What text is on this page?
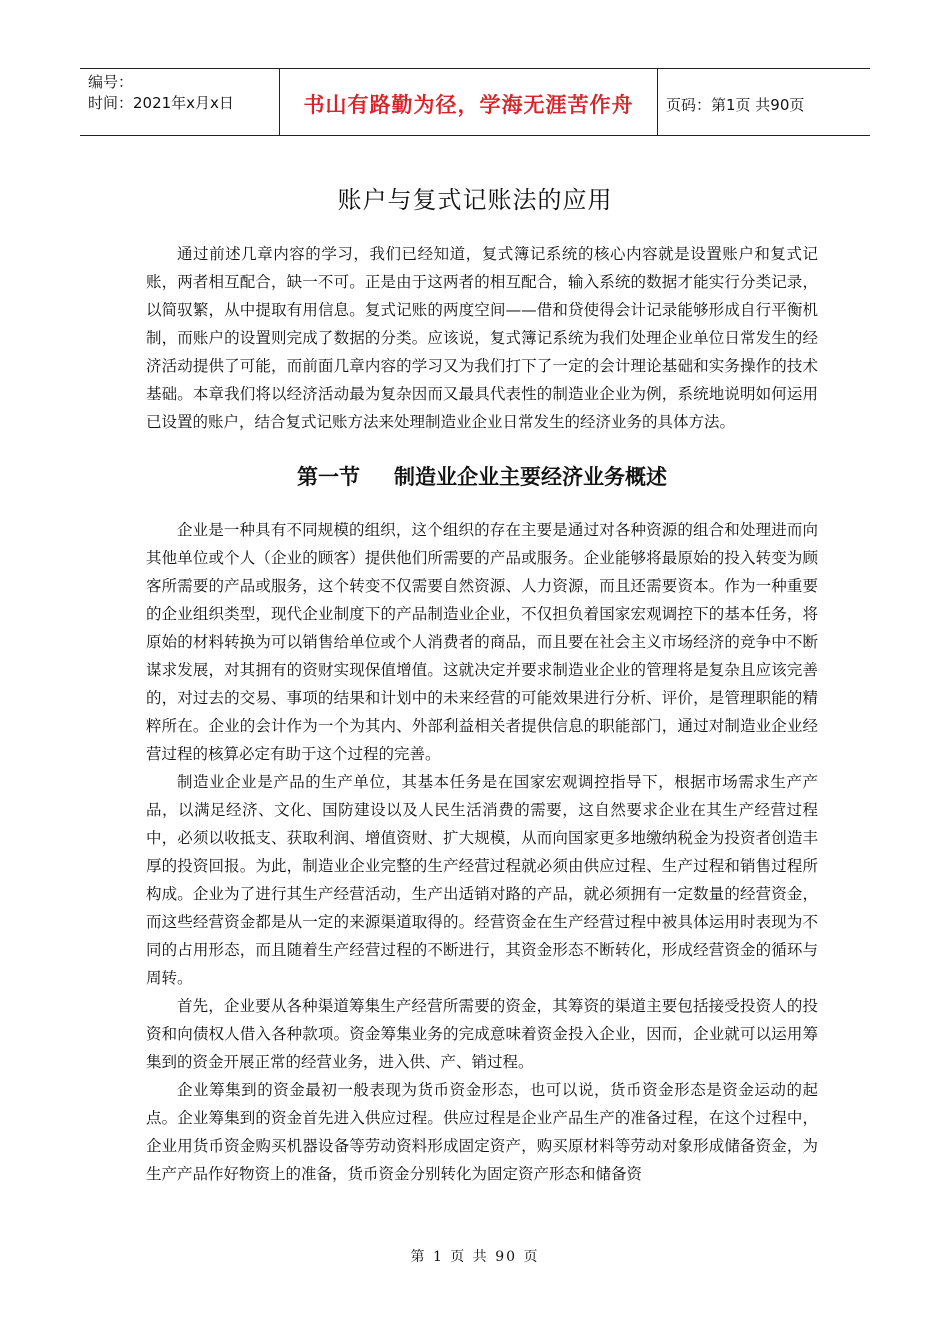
编号：
时间：2021年x月x日	书山有路勤为径，学海无涯苦作舟 页码：第1页 共90页
账户与复式记账法的应用

通过前述几章内容的学习，我们已经知道，复式簿记系统的核心内容就是设置账户和复式记账，两者相互配合，缺一不可。正是由于这两者的相互配合，输入系统的数据才能实行分类记录，以简驭繁，从中提取有用信息。复式记账的两度空间——借和贷使得会计记录能够形成自行平衡机制，而账户的设置则完成了数据的分类。应该说，复式簿记系统为我们处理企业单位日常发生的经济活动提供了可能，而前面几章内容的学习又为我们打下了一定的会计理论基础和实务操作的技术基础。本章我们将以经济活动最为复杂因而又最具代表性的制造业企业为例，系统地说明如何运用已设置的账户，结合复式记账方法来处理制造业企业日常发生的经济业务的具体方法。

第一节 制造业企业主要经济业务概述

企业是一种具有不同规模的组织，这个组织的存在主要是通过对各种资源的组合和处理进而向其他单位或个人（企业的顾客）提供他们所需要的产品或服务。企业能够将最原始的投入转变为顾客所需要的产品或服务，这个转变不仅需要自然资源、人力资源，而且还需要资本。作为一种重要的企业组织类型，现代企业制度下的产品制造业企业，不仅担负着国家宏观调控下的基本任务，将原始的材料转换为可以销售给单位或个人消费者的商品，而且要在社会主义市场经济的竞争中不断谋求发展，对其拥有的资财实现保值增值。这就决定并要求制造业企业的管理将是复杂且应该完善的，对过去的交易、事项的结果和计划中的未来经营的可能效果进行分析、评价，是管理职能的精粹所在。企业的会计作为一个为其内、外部利益相关者提供信息的职能部门，通过对制造业企业经营过程的核算必定有助于这个过程的完善。

制造业企业是产品的生产单位，其基本任务是在国家宏观调控指导下，根据市场需求生产产品，以满足经济、文化、国防建设以及人民生活消费的需要，这自然要求企业在其生产经营过程中，必须以收抵支、获取利润、增值资财、扩大规模，从而向国家更多地缴纳税金为投资者创造丰厚的投资回报。为此，制造业企业完整的生产经营过程就必须由供应过程、生产过程和销售过程所构成。企业为了进行其生产经营活动，生产出适销对路的产品，就必须拥有一定数量的经营资金，而这些经营资金都是从一定的来源渠道取得的。经营资金在生产经营过程中被具体运用时表现为不同的占用形态，而且随着生产经营过程的不断进行，其资金形态不断转化，形成经营资金的循环与周转。

首先，企业要从各种渠道筹集生产经营所需要的资金，其筹资的渠道主要包括接受投资人的投资和向债权人借入各种款项。资金筹集业务的完成意味着资金投入企业，因而，企业就可以运用筹集到的资金开展正常的经营业务，进入供、产、销过程。

企业筹集到的资金最初一般表现为货币资金形态，也可以说，货币资金形态是资金运动的起点。企业筹集到的资金首先进入供应过程。供应过程是企业产品生产的准备过程，在这个过程中，企业用货币资金购买机器设备等劳动资料形成固定资产，购买原材料等劳动对象形成储备资金，为生产产品作好物资上的准备，货币资金分别转化为固定资产形态和储备资

第 1 页 共 90 页
